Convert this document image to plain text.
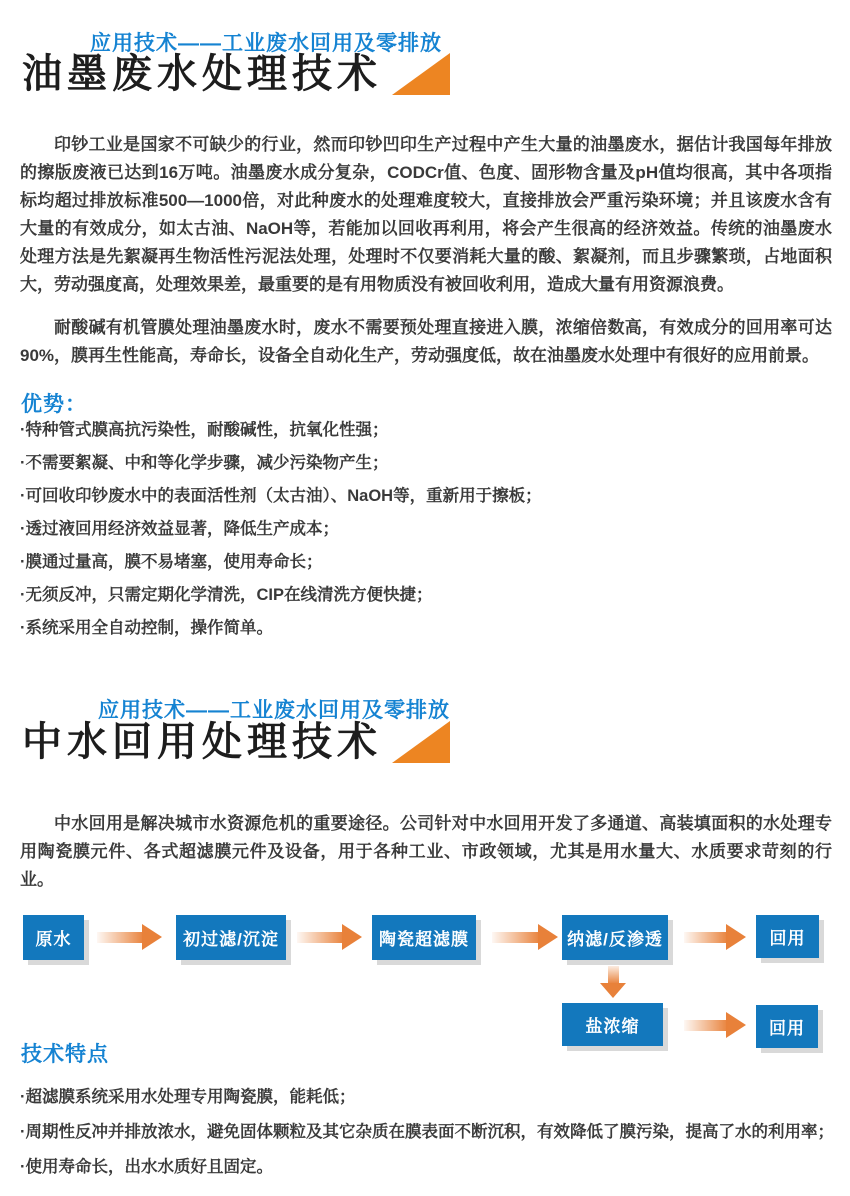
应用技术——工业废水回用及零排放
油墨废水处理技术
印钞工业是国家不可缺少的行业，然而印钞凹印生产过程中产生大量的油墨废水，据估计我国每年排放的擦版废液已达到16万吨。油墨废水成分复杂，CODCr值、色度、固形物含量及pH值均很高，其中各项指标均超过排放标准500—1000倍，对此种废水的处理难度较大，直接排放会严重污染环境；并且该废水含有大量的有效成分，如太古油、NaOH等，若能加以回收再利用，将会产生很高的经济效益。传统的油墨废水处理方法是先絮凝再生物活性污泥法处理，处理时不仅要消耗大量的酸、絮凝剂，而且步骤繁琐，占地面积大，劳动强度高，处理效果差，最重要的是有用物质没有被回收利用，造成大量有用资源浪费。
耐酸碱有机管膜处理油墨废水时，废水不需要预处理直接进入膜，浓缩倍数高，有效成分的回用率可达90%，膜再生性能高，寿命长，设备全自动化生产，劳动强度低，故在油墨废水处理中有很好的应用前景。
优势：
·特种管式膜高抗污染性，耐酸碱性，抗氧化性强；
·不需要絮凝、中和等化学步骤，减少污染物产生；
·可回收印钞废水中的表面活性剂（太古油）、NaOH等，重新用于擦板；
·透过液回用经济效益显著，降低生产成本；
·膜通过量高，膜不易堵塞，使用寿命长；
·无须反冲，只需定期化学清洗，CIP在线清洗方便快捷；
·系统采用全自动控制，操作简单。
应用技术——工业废水回用及零排放
中水回用处理技术
中水回用是解决城市水资源危机的重要途径。公司针对中水回用开发了多通道、高装填面积的水处理专用陶瓷膜元件、各式超滤膜元件及设备，用于各种工业、市政领域，尤其是用水量大、水质要求苛刻的行业。
原水	初过滤/沉淀	陶瓷超滤膜	纳滤/反渗透	回用
盐浓缩	回用
技术特点
·超滤膜系统采用水处理专用陶瓷膜，能耗低；
·周期性反冲并排放浓水，避免固体颗粒及其它杂质在膜表面不断沉积，有效降低了膜污染，提高了水的利用率；
·使用寿命长，出水水质好且固定。
